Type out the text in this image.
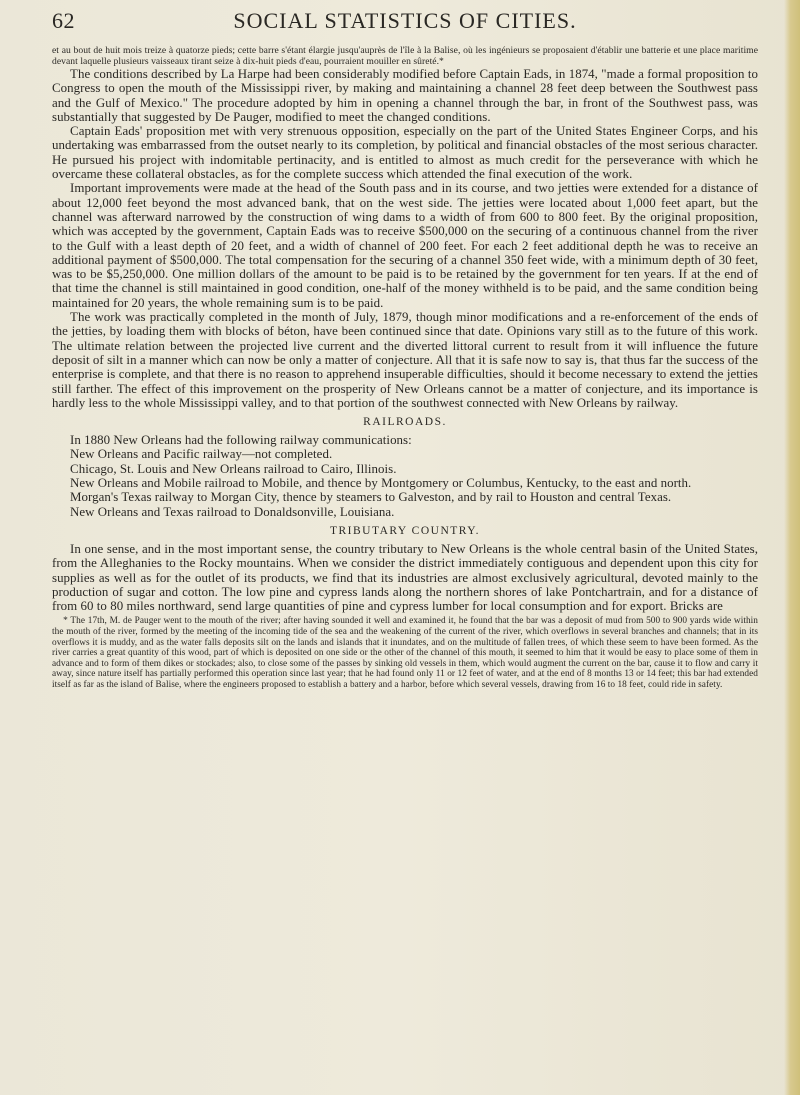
62	SOCIAL STATISTICS OF CITIES.

et au bout de huit mois treize à quatorze pieds; cette barre s'étant élargie jusqu'auprès de l'île à la Balise, où les ingénieurs se proposaient d'établir une batterie et une place maritime devant laquelle plusieurs vaisseaux tirant seize à dix-huit pieds d'eau, pourraient mouiller en sûreté.*

The conditions described by La Harpe had been considerably modified before Captain Eads, in 1874, "made a formal proposition to Congress to open the mouth of the Mississippi river, by making and maintaining a channel 28 feet deep between the Southwest pass and the Gulf of Mexico." The procedure adopted by him in opening a channel through the bar, in front of the Southwest pass, was substantially that suggested by De Pauger, modified to meet the changed conditions.

Captain Eads' proposition met with very strenuous opposition, especially on the part of the United States Engineer Corps, and his undertaking was embarrassed from the outset nearly to its completion, by political and financial obstacles of the most serious character. He pursued his project with indomitable pertinacity, and is entitled to almost as much credit for the perseverance with which he overcame these collateral obstacles, as for the complete success which attended the final execution of the work.

Important improvements were made at the head of the South pass and in its course, and two jetties were extended for a distance of about 12,000 feet beyond the most advanced bank, that on the west side. The jetties were located about 1,000 feet apart, but the channel was afterward narrowed by the construction of wing dams to a width of from 600 to 800 feet. By the original proposition, which was accepted by the government, Captain Eads was to receive $500,000 on the securing of a continuous channel from the river to the Gulf with a least depth of 20 feet, and a width of channel of 200 feet. For each 2 feet additional depth he was to receive an additional payment of $500,000. The total compensation for the securing of a channel 350 feet wide, with a minimum depth of 30 feet, was to be $5,250,000. One million dollars of the amount to be paid is to be retained by the government for ten years. If at the end of that time the channel is still maintained in good condition, one-half of the money withheld is to be paid, and the same condition being maintained for 20 years, the whole remaining sum is to be paid.

The work was practically completed in the month of July, 1879, though minor modifications and a re-enforcement of the ends of the jetties, by loading them with blocks of béton, have been continued since that date. Opinions vary still as to the future of this work. The ultimate relation between the projected live current and the diverted littoral current to result from it will influence the future deposit of silt in a manner which can now be only a matter of conjecture. All that it is safe now to say is, that thus far the success of the enterprise is complete, and that there is no reason to apprehend insuperable difficulties, should it become necessary to extend the jetties still farther. The effect of this improvement on the prosperity of New Orleans cannot be a matter of conjecture, and its importance is hardly less to the whole Mississippi valley, and to that portion of the southwest connected with New Orleans by railway.

RAILROADS.

In 1880 New Orleans had the following railway communications:

New Orleans and Pacific railway—not completed.

Chicago, St. Louis and New Orleans railroad to Cairo, Illinois.

New Orleans and Mobile railroad to Mobile, and thence by Montgomery or Columbus, Kentucky, to the east and north.

Morgan's Texas railway to Morgan City, thence by steamers to Galveston, and by rail to Houston and central Texas.

New Orleans and Texas railroad to Donaldsonville, Louisiana.

TRIBUTARY COUNTRY.

In one sense, and in the most important sense, the country tributary to New Orleans is the whole central basin of the United States, from the Alleghanies to the Rocky mountains. When we consider the district immediately contiguous and dependent upon this city for supplies as well as for the outlet of its products, we find that its industries are almost exclusively agricultural, devoted mainly to the production of sugar and cotton. The low pine and cypress lands along the northern shores of lake Pontchartrain, and for a distance of from 60 to 80 miles northward, send large quantities of pine and cypress lumber for local consumption and for export. Bricks are

* The 17th, M. de Pauger went to the mouth of the river; after having sounded it well and examined it, he found that the bar was a deposit of mud from 500 to 900 yards wide within the mouth of the river, formed by the meeting of the incoming tide of the sea and the weakening of the current of the river, which overflows in several branches and channels; that in its overflows it is muddy, and as the water falls deposits silt on the lands and islands that it inundates, and on the multitude of fallen trees, of which these seem to have been formed. As the river carries a great quantity of this wood, part of which is deposited on one side or the other of the channel of this mouth, it seemed to him that it would be easy to place some of them in advance and to form of them dikes or stockades; also, to close some of the passes by sinking old vessels in them, which would augment the current on the bar, cause it to flow and carry it away, since nature itself has partially performed this operation since last year; that he had found only 11 or 12 feet of water, and at the end of 8 months 13 or 14 feet; this bar had extended itself as far as the island of Balise, where the engineers proposed to establish a battery and a harbor, before which several vessels, drawing from 16 to 18 feet, could ride in safety.
